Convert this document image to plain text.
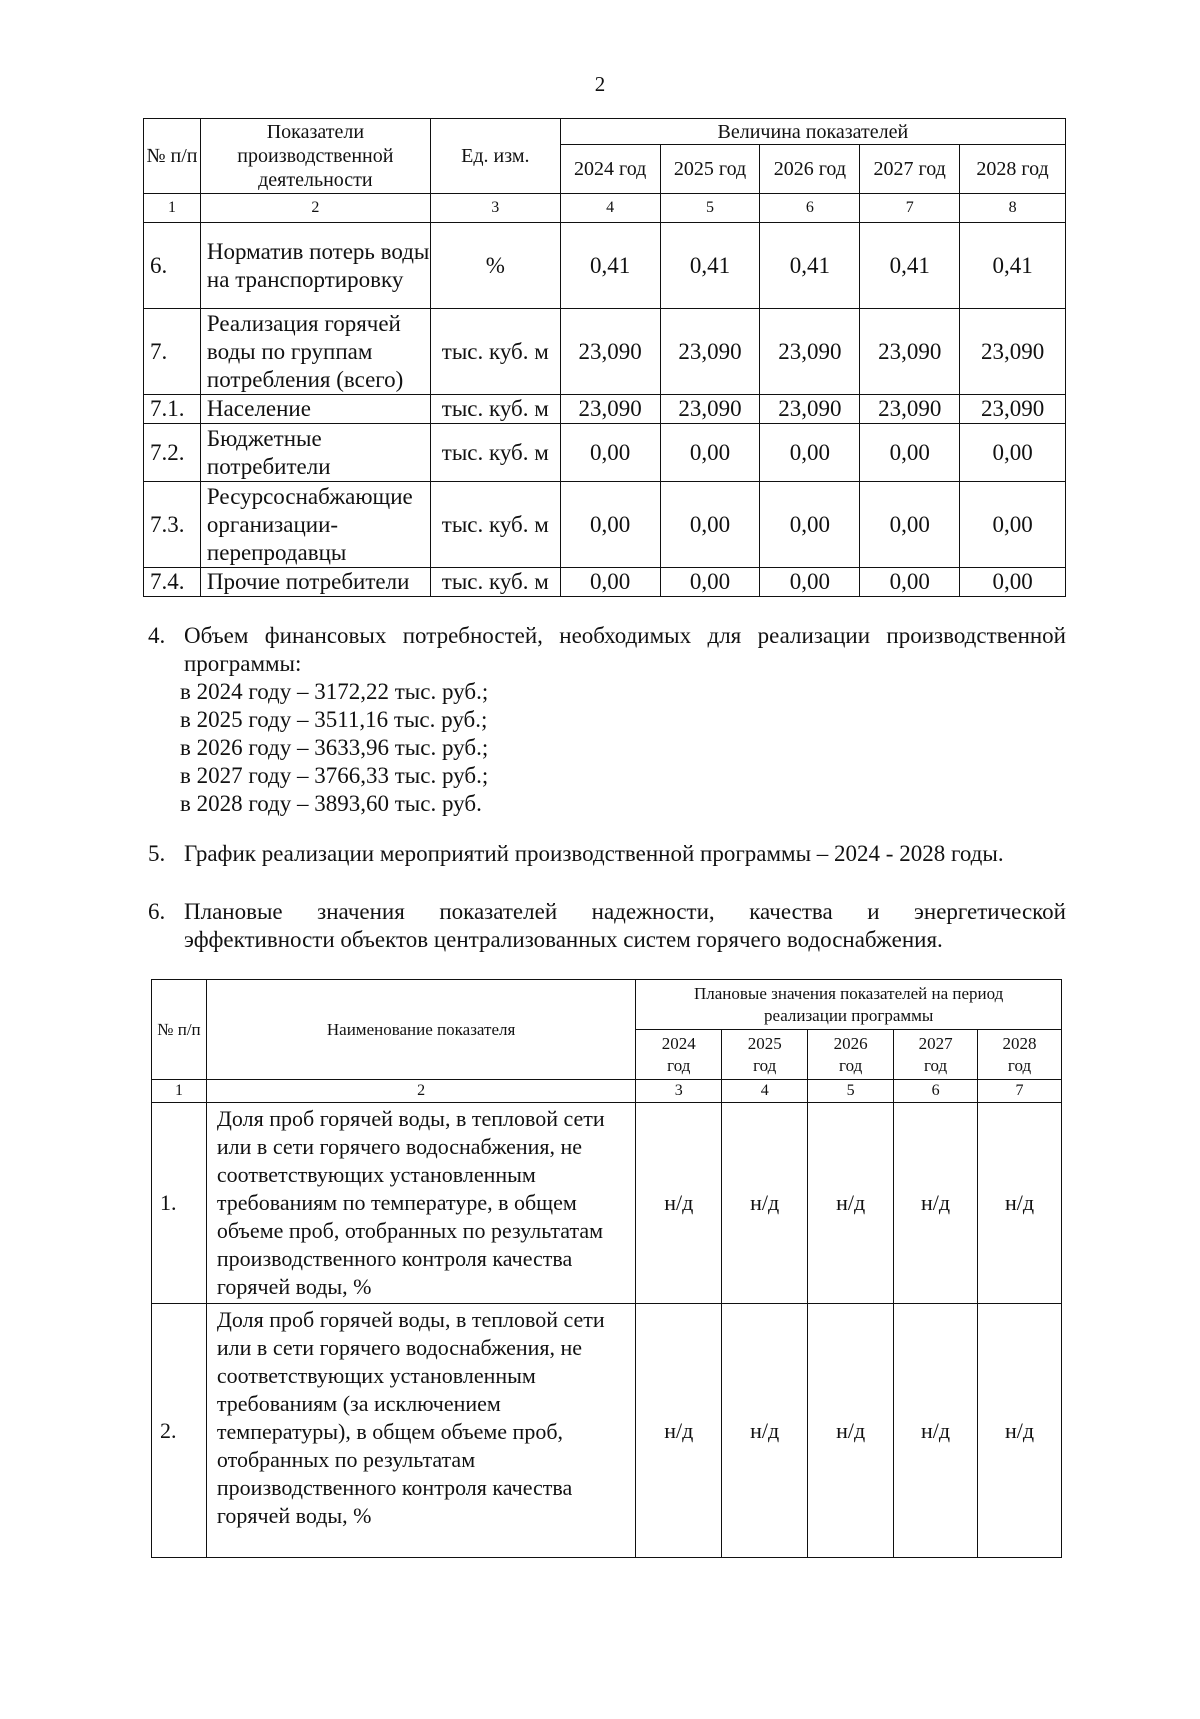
2
№ п/п	Показатели производственной деятельности	Ед. изм.	Величина показателей				
			2024 год	2025 год	2026 год	2027 год	2028 год
1	2	3	4	5	6	7	8
6.	Норматив потерь воды на транспортировку	%	0,41	0,41	0,41	0,41	0,41
7.	Реализация горячей воды по группам потребления (всего)	тыс. куб. м	23,090	23,090	23,090	23,090	23,090
7.1.	Население	тыс. куб. м	23,090	23,090	23,090	23,090	23,090
7.2.	Бюджетные потребители	тыс. куб. м	0,00	0,00	0,00	0,00	0,00
7.3.	Ресурсоснабжающие организации-перепродавцы	тыс. куб. м	0,00	0,00	0,00	0,00	0,00
7.4.	Прочие потребители	тыс. куб. м	0,00	0,00	0,00	0,00	0,00
4. Объем финансовых потребностей, необходимых для реализации производственной
программы:
в 2024 году – 3172,22 тыс. руб.;
в 2025 году – 3511,16 тыс. руб.;
в 2026 году – 3633,96 тыс. руб.;
в 2027 году – 3766,33 тыс. руб.;
в 2028 году – 3893,60 тыс. руб.
5. График реализации мероприятий производственной программы – 2024 - 2028 годы.
6. Плановые значения показателей надежности, качества и энергетической
эффективности объектов централизованных систем горячего водоснабжения.
№ п/п	Наименование показателя	Плановые значения показателей на период реализации программы				
		2024 год	2025 год	2026 год	2027 год	2028 год
1	2	3	4	5	6	7
1.	Доля проб горячей воды, в тепловой сети или в сети горячего водоснабжения, не соответствующих установленным требованиям по температуре, в общем объеме проб, отобранных по результатам производственного контроля качества горячей воды, %	н/д	н/д	н/д	н/д	н/д
2.	Доля проб горячей воды, в тепловой сети или в сети горячего водоснабжения, не соответствующих установленным требованиям (за исключением температуры), в общем объеме проб, отобранных по результатам производственного контроля качества горячей воды, %	н/д	н/д	н/д	н/д	н/д
